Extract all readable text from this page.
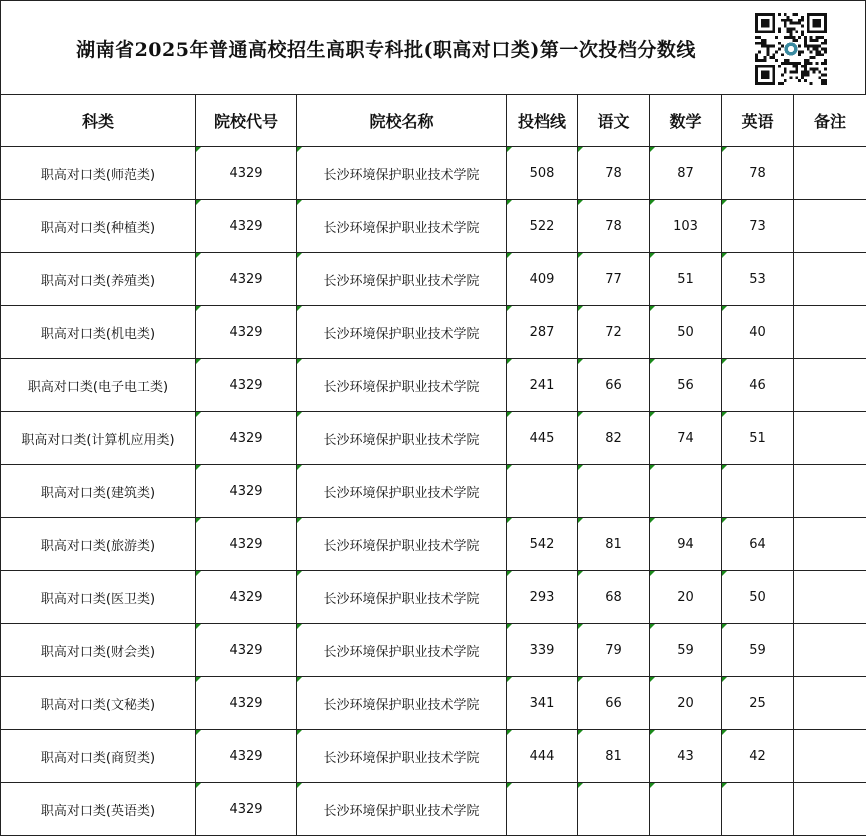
湖南省2025年普通高校招生高职专科批(职高对口类)第一次投档分数线
科类	院校代号	院校名称	投档线	语文	数学	英语	备注
职高对口类(师范类)	4329	长沙环境保护职业技术学院	508	78	87	78	
职高对口类(种植类)	4329	长沙环境保护职业技术学院	522	78	103	73	
职高对口类(养殖类)	4329	长沙环境保护职业技术学院	409	77	51	53	
职高对口类(机电类)	4329	长沙环境保护职业技术学院	287	72	50	40	
职高对口类(电子电工类)	4329	长沙环境保护职业技术学院	241	66	56	46	
职高对口类(计算机应用类)	4329	长沙环境保护职业技术学院	445	82	74	51	
职高对口类(建筑类)	4329	长沙环境保护职业技术学院					
职高对口类(旅游类)	4329	长沙环境保护职业技术学院	542	81	94	64	
职高对口类(医卫类)	4329	长沙环境保护职业技术学院	293	68	20	50	
职高对口类(财会类)	4329	长沙环境保护职业技术学院	339	79	59	59	
职高对口类(文秘类)	4329	长沙环境保护职业技术学院	341	66	20	25	
职高对口类(商贸类)	4329	长沙环境保护职业技术学院	444	81	43	42	
职高对口类(英语类)	4329	长沙环境保护职业技术学院					
